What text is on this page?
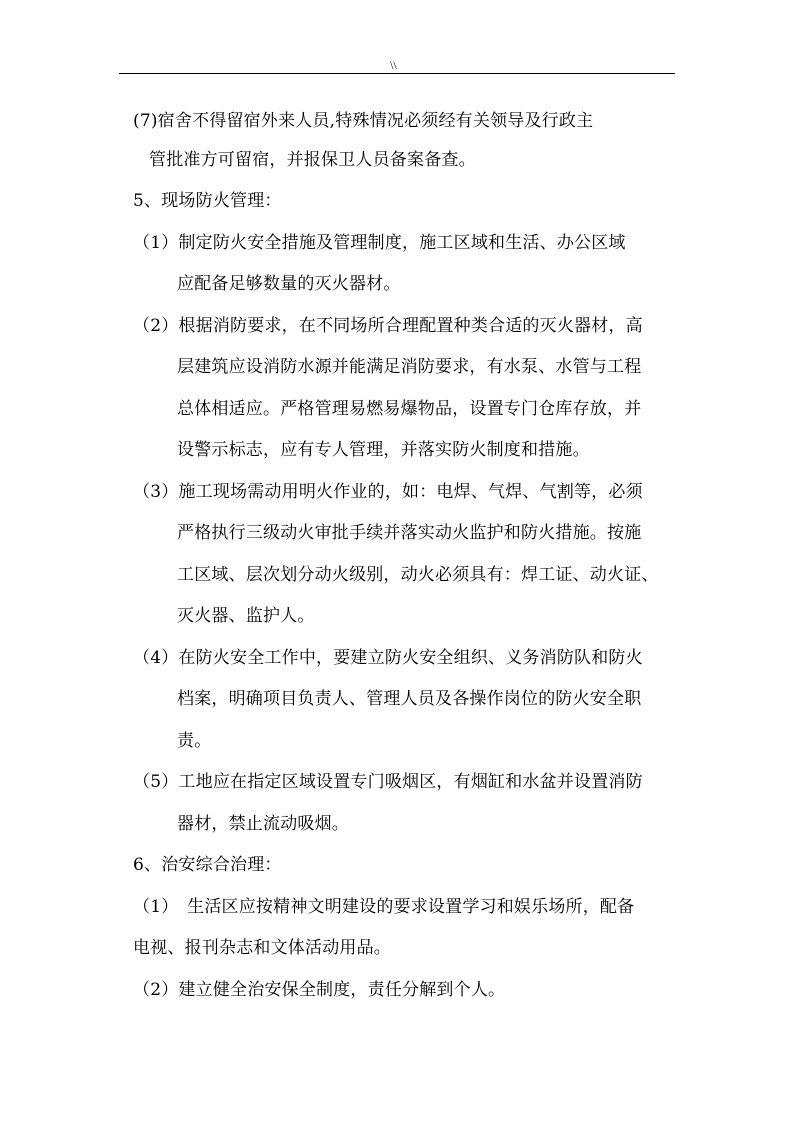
\\
(7)宿舍不得留宿外来人员,特殊情况必须经有关领导及行政主
管批准方可留宿，并报保卫人员备案备查。
5、现场防火管理：
（1）制定防火安全措施及管理制度，施工区域和生活、办公区域
应配备足够数量的灭火器材。
（2）根据消防要求，在不同场所合理配置种类合适的灭火器材，高
层建筑应设消防水源并能满足消防要求，有水泵、水管与工程
总体相适应。严格管理易燃易爆物品，设置专门仓库存放，并
设警示标志，应有专人管理，并落实防火制度和措施。
（3）施工现场需动用明火作业的，如：电焊、气焊、气割等，必须
严格执行三级动火审批手续并落实动火监护和防火措施。按施
工区域、层次划分动火级别，动火必须具有：焊工证、动火证、
灭火器、监护人。
（4）在防火安全工作中，要建立防火安全组织、义务消防队和防火
档案，明确项目负责人、管理人员及各操作岗位的防火安全职
责。
（5）工地应在指定区域设置专门吸烟区，有烟缸和水盆并设置消防
器材，禁止流动吸烟。
6、治安综合治理：
（1）　生活区应按精神文明建设的要求设置学习和娱乐场所，配备
电视、报刊杂志和文体活动用品。
（2）建立健全治安保全制度，责任分解到个人。
